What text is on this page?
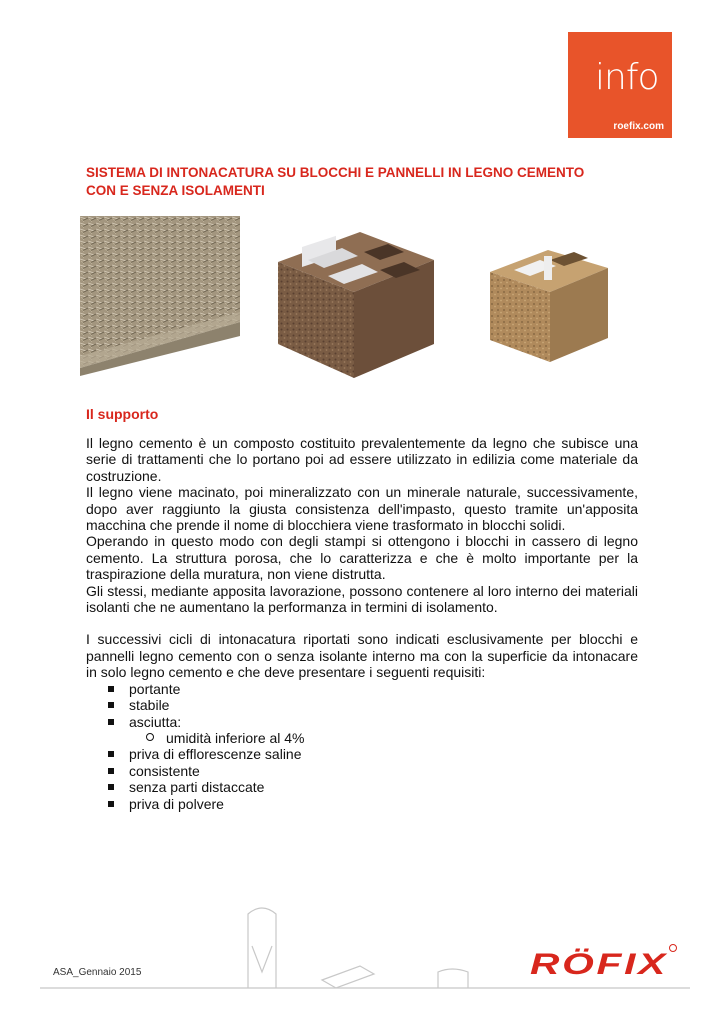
info
roefix.com
SISTEMA DI INTONACATURA SU BLOCCHI E PANNELLI IN LEGNO CEMENTO
CON E SENZA ISOLAMENTI
Il supporto

Il legno cemento è un composto costituito prevalentemente da legno che subisce una serie di trattamenti che lo portano poi ad essere utilizzato in edilizia come materiale da costruzione.

Il legno viene macinato, poi mineralizzato con un minerale naturale, successivamente, dopo aver raggiunto la giusta consistenza dell'impasto, questo tramite un'apposita macchina che prende il nome di blocchiera viene trasformato in blocchi solidi.

Operando in questo modo con degli stampi si ottengono i blocchi in cassero di legno cemento. La struttura porosa, che lo caratterizza e che è molto importante per la traspirazione della muratura, non viene distrutta.

Gli stessi, mediante apposita lavorazione, possono contenere al loro interno dei materiali isolanti che ne aumentano la performanza in termini di isolamento.

I successivi cicli di intonacatura riportati sono indicati esclusivamente per blocchi e pannelli legno cemento con o senza isolante interno ma con la superficie da intonacare in solo legno cemento e che deve presentare i seguenti requisiti:

portante
stabile
asciutta:
umidità inferiore al 4%
priva di efflorescenze saline
consistente
senza parti distaccate
priva di polvere
ASA_Gennaio 2015	RÖFIX
